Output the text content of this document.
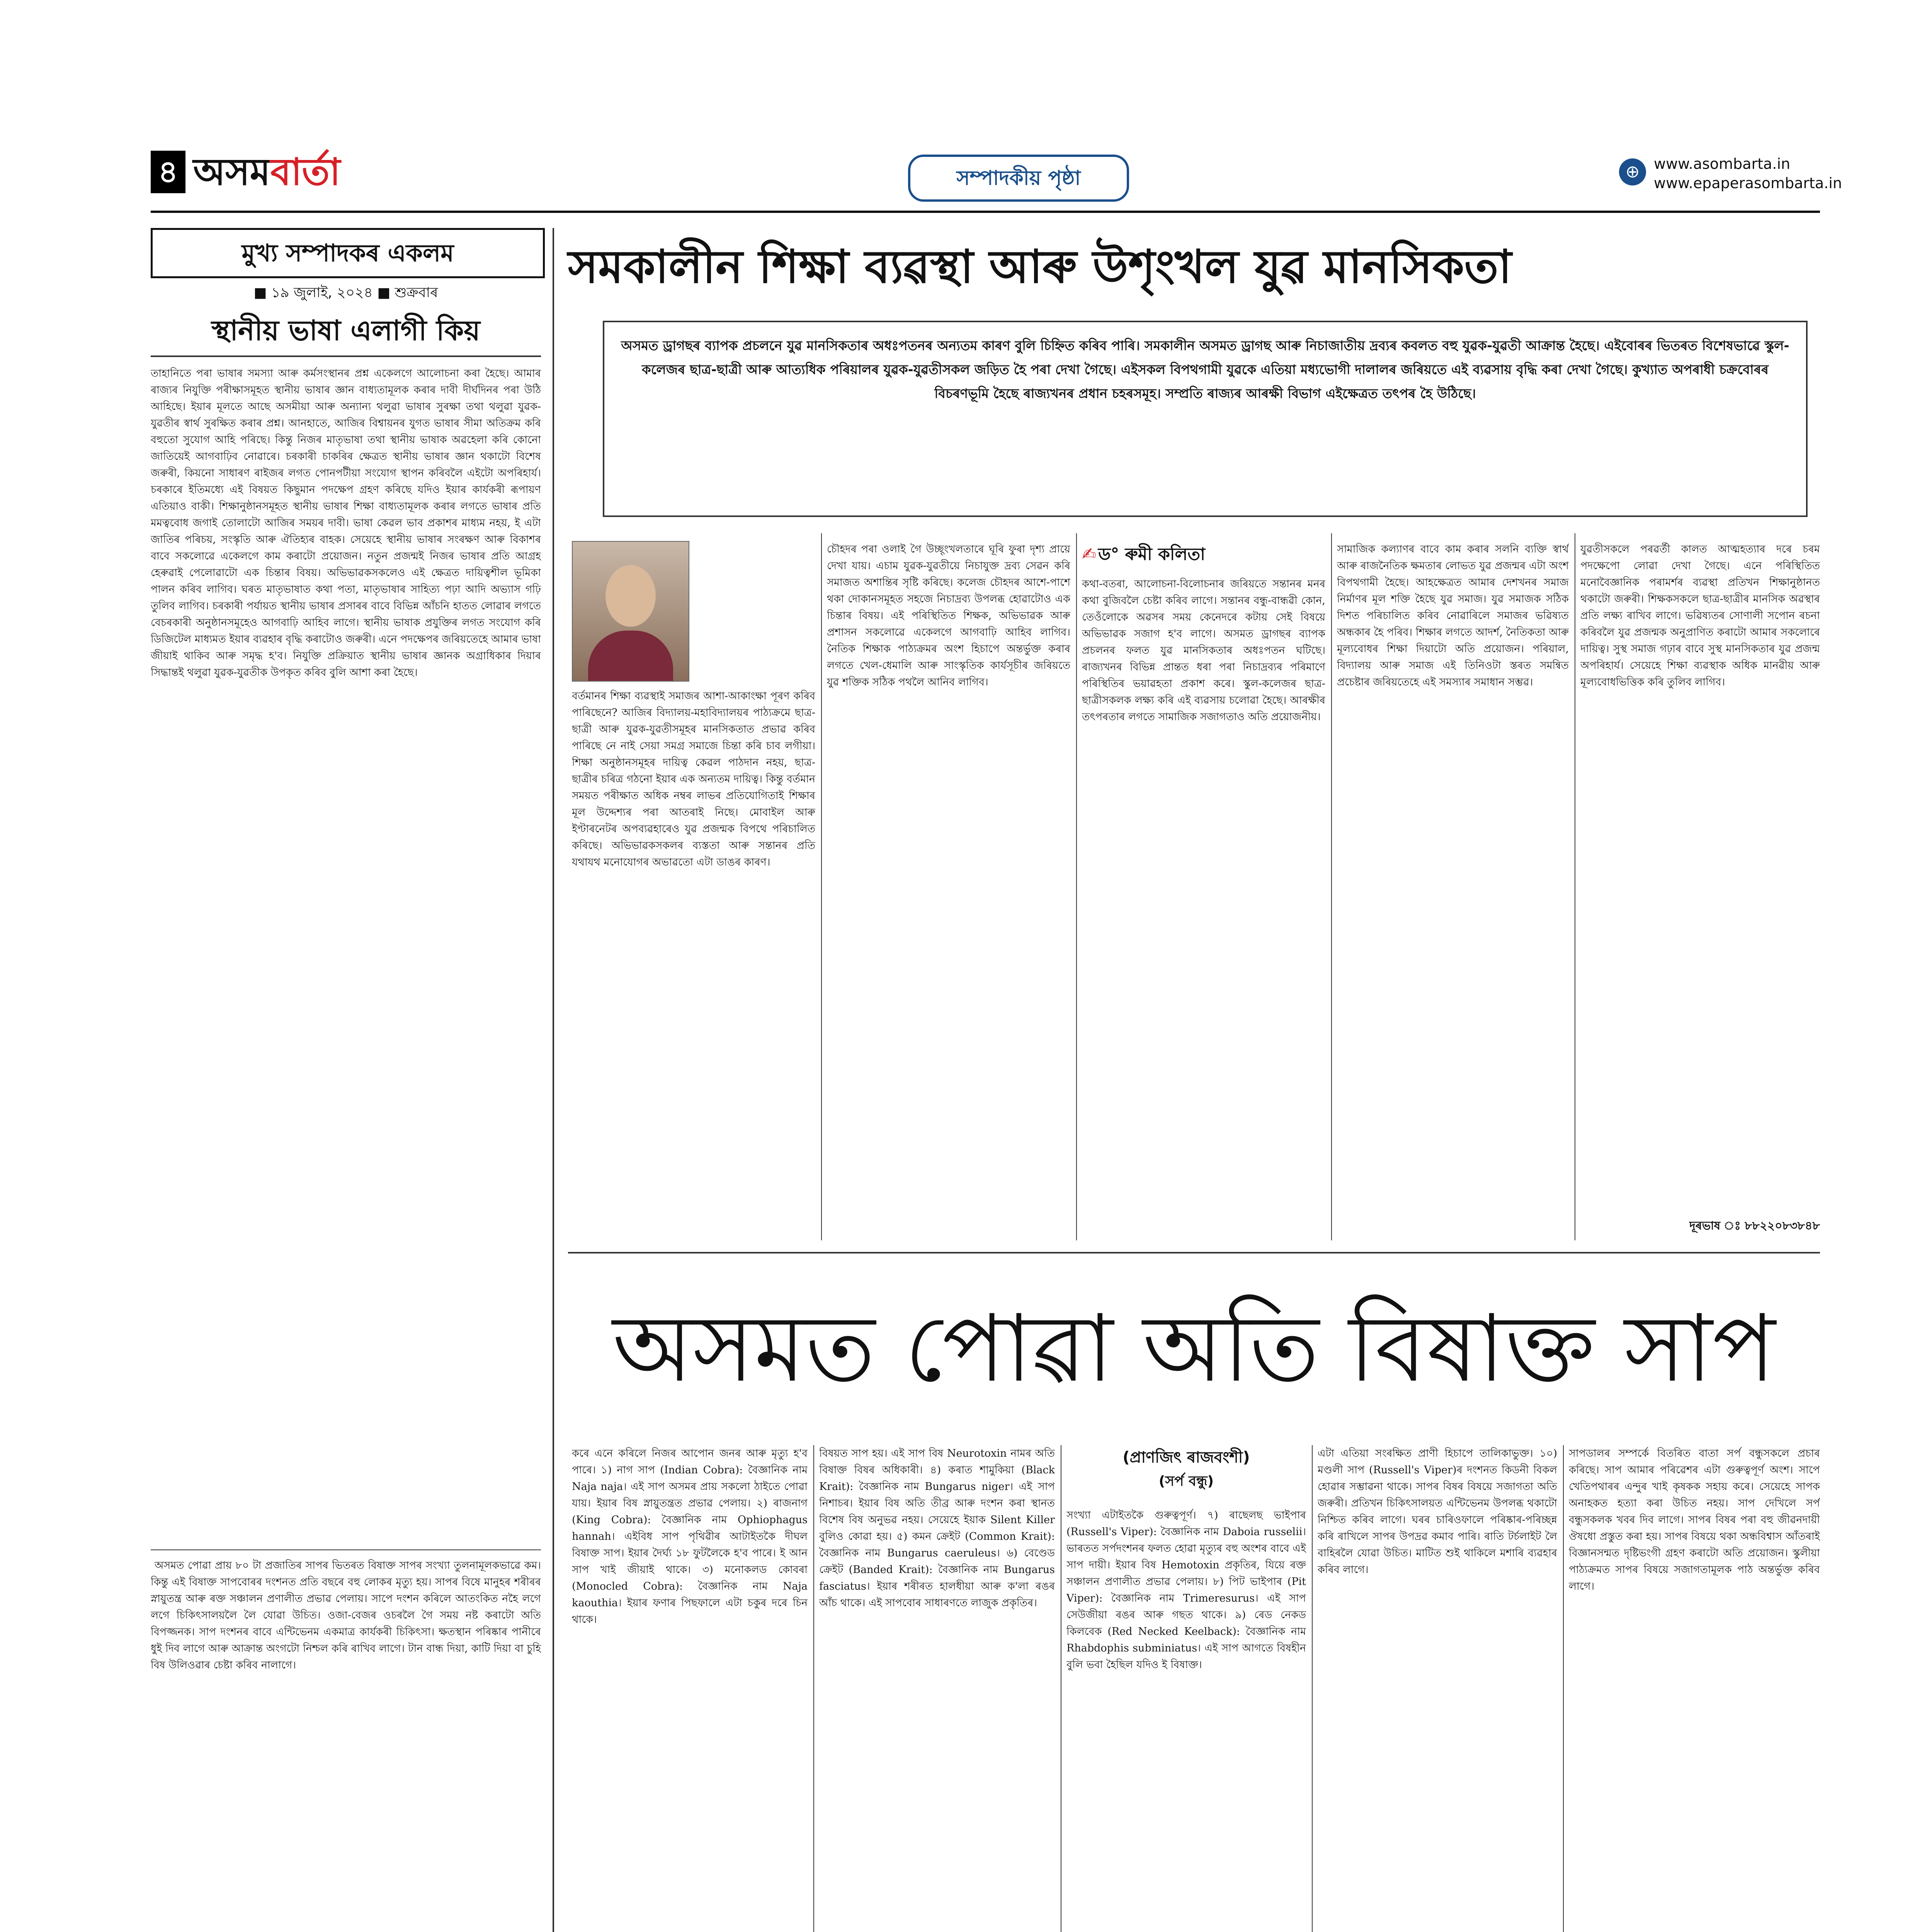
৪ অসমবাৰ্তা	সম্পাদকীয় পৃষ্ঠা	⊕ www.asombarta.in
www.epaperasombarta.in
মুখ্য সম্পাদকৰ একলম
■ ১৯ জুলাই, ২০২৪ ■ শুক্ৰবাৰ
স্থানীয় ভাষা এলাগী কিয়
তাহানিতে পৰা ভাষাৰ সমস্যা আৰু কৰ্মসংস্থানৰ প্ৰশ্ন একেলগে আলোচনা কৰা হৈছে। আমাৰ ৰাজ্যৰ নিযুক্তি পৰীক্ষাসমূহত স্থানীয় ভাষাৰ জ্ঞান বাধ্যতামূলক কৰাৰ দাবী দীৰ্ঘদিনৰ পৰা উঠি আহিছে। ইয়াৰ মূলতে আছে অসমীয়া আৰু অন্যান্য থলুৱা ভাষাৰ সুৰক্ষা তথা থলুৱা যুৱক-যুৱতীৰ স্বাৰ্থ সুৰক্ষিত কৰাৰ প্ৰশ্ন। আনহাতে, আজিৰ বিশ্বায়নৰ যুগত ভাষাৰ সীমা অতিক্ৰম কৰি বহুতো সুযোগ আহি পৰিছে। কিন্তু নিজৰ মাতৃভাষা তথা স্থানীয় ভাষাক অৱহেলা কৰি কোনো জাতিয়েই আগবাঢ়িব নোৱাৰে। চৰকাৰী চাকৰিৰ ক্ষেত্ৰত স্থানীয় ভাষাৰ জ্ঞান থকাটো বিশেষ জৰুৰী, কিয়নো সাধাৰণ ৰাইজৰ লগত পোনপটীয়া সংযোগ স্থাপন কৰিবলৈ এইটো অপৰিহাৰ্য। চৰকাৰে ইতিমধ্যে এই বিষয়ত কিছুমান পদক্ষেপ গ্ৰহণ কৰিছে যদিও ইয়াৰ কাৰ্যকৰী ৰূপায়ণ এতিয়াও বাকী। শিক্ষানুষ্ঠানসমূহত স্থানীয় ভাষাৰ শিক্ষা বাধ্যতামূলক কৰাৰ লগতে ভাষাৰ প্ৰতি মমত্ববোধ জগাই তোলাটো আজিৰ সময়ৰ দাবী। ভাষা কেৱল ভাব প্ৰকাশৰ মাধ্যম নহয়, ই এটা জাতিৰ পৰিচয়, সংস্কৃতি আৰু ঐতিহ্যৰ বাহক। সেয়েহে স্থানীয় ভাষাৰ সংৰক্ষণ আৰু বিকাশৰ বাবে সকলোৱে একেলগে কাম কৰাটো প্ৰয়োজন। নতুন প্ৰজন্মই নিজৰ ভাষাৰ প্ৰতি আগ্ৰহ হেৰুৱাই পেলোৱাটো এক চিন্তাৰ বিষয়। অভিভাৱকসকলেও এই ক্ষেত্ৰত দায়িত্বশীল ভূমিকা পালন কৰিব লাগিব। ঘৰত মাতৃভাষাত কথা পতা, মাতৃভাষাৰ সাহিত্য পঢ়া আদি অভ্যাস গঢ়ি তুলিব লাগিব। চৰকাৰী পৰ্যায়ত স্থানীয় ভাষাৰ প্ৰসাৰৰ বাবে বিভিন্ন আঁচনি হাতত লোৱাৰ লগতে বেচৰকাৰী অনুষ্ঠানসমূহেও আগবাঢ়ি আহিব লাগে। স্থানীয় ভাষাক প্ৰযুক্তিৰ লগত সংযোগ কৰি ডিজিটেল মাধ্যমত ইয়াৰ ব্যৱহাৰ বৃদ্ধি কৰাটোও জৰুৰী। এনে পদক্ষেপৰ জৰিয়তেহে আমাৰ ভাষা জীয়াই থাকিব আৰু সমৃদ্ধ হ'ব। নিযুক্তি প্ৰক্ৰিয়াত স্থানীয় ভাষাৰ জ্ঞানক অগ্ৰাধিকাৰ দিয়াৰ সিদ্ধান্তই থলুৱা যুৱক-যুৱতীক উপকৃত কৰিব বুলি আশা কৰা হৈছে।
সমকালীন শিক্ষা ব্যৱস্থা আৰু উশৃংখল যুৱ মানসিকতা
অসমত ড্ৰাগছৰ ব্যাপক প্ৰচলনে যুৱ মানসিকতাৰ অধঃপতনৰ অন্যতম কাৰণ বুলি চিহ্নিত কৰিব পাৰি। সমকালীন অসমত ড্ৰাগছ আৰু নিচাজাতীয় দ্ৰব্যৰ কবলত বহু যুৱক-যুৱতী আক্ৰান্ত হৈছে। এইবোৰৰ ভিতৰত বিশেষভাৱে স্কুল-কলেজৰ ছাত্ৰ-ছাত্ৰী আৰু আত্যধিক পৰিয়ালৰ যুৱক-যুৱতীসকল জড়িত হৈ পৰা দেখা গৈছে। এইসকল বিপথগামী যুৱকে এতিয়া মধ্যভোগী দালালৰ জৰিয়তে এই ব্যৱসায় বৃদ্ধি কৰা দেখা গৈছে। কুখ্যাত অপৰাধী চক্ৰবোৰৰ বিচৰণভূমি হৈছে ৰাজ্যখনৰ প্ৰধান চহৰসমূহ। সম্প্ৰতি ৰাজ্যৰ আৰক্ষী বিভাগ এইক্ষেত্ৰত তৎপৰ হৈ উঠিছে।
বৰ্তমানৰ শিক্ষা ব্যৱস্থাই সমাজৰ আশা-আকাংক্ষা পূৰণ কৰিব পাৰিছেনে? আজিৰ বিদ্যালয়-মহাবিদ্যালয়ৰ পাঠ্যক্ৰমে ছাত্ৰ-ছাত্ৰী আৰু যুৱক-যুৱতীসমূহৰ মানসিকতাত প্ৰভাৱ কৰিব পাৰিছে নে নাই সেয়া সমগ্ৰ সমাজে চিন্তা কৰি চাব লগীয়া। শিক্ষা অনুষ্ঠানসমূহৰ দায়িত্ব কেৱল পাঠদান নহয়, ছাত্ৰ-ছাত্ৰীৰ চৰিত্ৰ গঠনো ইয়াৰ এক অন্যতম দায়িত্ব। কিন্তু বৰ্তমান সময়ত পৰীক্ষাত অধিক নম্বৰ লাভৰ প্ৰতিযোগিতাই শিক্ষাৰ মূল উদ্দেশ্যৰ পৰা আতৰাই নিছে। মোবাইল আৰু ইণ্টাৰনেটৰ অপব্যৱহাৰেও যুৱ প্ৰজন্মক বিপথে পৰিচালিত কৰিছে। অভিভাৱকসকলৰ ব্যস্ততা আৰু সন্তানৰ প্ৰতি যথাযথ মনোযোগৰ অভাৱতো এটা ডাঙৰ কাৰণ।
চৌহদৰ পৰা ওলাই গৈ উচ্ছৃংখলতাৰে ঘূৰি ফুৰা দৃশ্য প্ৰায়ে দেখা যায়। এচাম যুৱক-যুৱতীয়ে নিচাযুক্ত দ্ৰব্য সেৱন কৰি সমাজত অশান্তিৰ সৃষ্টি কৰিছে। কলেজ চৌহদৰ আশে-পাশে থকা দোকানসমূহত সহজে নিচাদ্ৰব্য উপলব্ধ হোৱাটোও এক চিন্তাৰ বিষয়। এই পৰিস্থিতিত শিক্ষক, অভিভাৱক আৰু প্ৰশাসন সকলোৱে একেলগে আগবাঢ়ি আহিব লাগিব। নৈতিক শিক্ষাক পাঠ্যক্ৰমৰ অংশ হিচাপে অন্তৰ্ভুক্ত কৰাৰ লগতে খেল-ধেমালি আৰু সাংস্কৃতিক কাৰ্যসূচীৰ জৰিয়তে যুৱ শক্তিক সঠিক পথলৈ আনিব লাগিব।
✍ ড° ৰুমী কলিতা
কথা-বতৰা, আলোচনা-বিলোচনাৰ জৰিয়তে সন্তানৰ মনৰ কথা বুজিবলৈ চেষ্টা কৰিব লাগে। সন্তানৰ বন্ধু-বান্ধৱী কোন, তেওঁলোকে অৱসৰ সময় কেনেদৰে কটায় সেই বিষয়ে অভিভাৱক সজাগ হ'ব লাগে। অসমত ড্ৰাগছৰ ব্যাপক প্ৰচলনৰ ফলত যুৱ মানসিকতাৰ অধঃপতন ঘটিছে। ৰাজ্যখনৰ বিভিন্ন প্ৰান্তত ধৰা পৰা নিচাদ্ৰব্যৰ পৰিমাণে পৰিস্থিতিৰ ভয়াৱহতা প্ৰকাশ কৰে। স্কুল-কলেজৰ ছাত্ৰ-ছাত্ৰীসকলক লক্ষ্য কৰি এই ব্যৱসায় চলোৱা হৈছে। আৰক্ষীৰ তৎপৰতাৰ লগতে সামাজিক সজাগতাও অতি প্ৰয়োজনীয়।
সামাজিক কল্যাণৰ বাবে কাম কৰাৰ সলনি ব্যক্তি স্বাৰ্থ আৰু ৰাজনৈতিক ক্ষমতাৰ লোভত যুৱ প্ৰজন্মৰ এটা অংশ বিপথগামী হৈছে। আহক্ষেত্ৰত আমাৰ দেশখনৰ সমাজ নিৰ্মাণৰ মূল শক্তি হৈছে যুৱ সমাজ। যুৱ সমাজক সঠিক দিশত পৰিচালিত কৰিব নোৱাৰিলে সমাজৰ ভৱিষ্যত অন্ধকাৰ হৈ পৰিব। শিক্ষাৰ লগতে আদৰ্শ, নৈতিকতা আৰু মূল্যবোধৰ শিক্ষা দিয়াটো অতি প্ৰয়োজন। পৰিয়াল, বিদ্যালয় আৰু সমাজ এই তিনিওটা স্তৰত সমন্বিত প্ৰচেষ্টাৰ জৰিয়তেহে এই সমস্যাৰ সমাধান সম্ভৱ।
যুৱতীসকলে পৰৱৰ্তী কালত আত্মহত্যাৰ দৰে চৰম পদক্ষেপো লোৱা দেখা গৈছে। এনে পৰিস্থিতিত মনোবৈজ্ঞানিক পৰামৰ্শৰ ব্যৱস্থা প্ৰতিখন শিক্ষানুষ্ঠানত থকাটো জৰুৰী। শিক্ষকসকলে ছাত্ৰ-ছাত্ৰীৰ মানসিক অৱস্থাৰ প্ৰতি লক্ষ্য ৰাখিব লাগে। ভৱিষ্যতৰ সোণালী সপোন ৰচনা কৰিবলৈ যুৱ প্ৰজন্মক অনুপ্ৰাণিত কৰাটো আমাৰ সকলোৰে দায়িত্ব। সুস্থ সমাজ গঢ়াৰ বাবে সুস্থ মানসিকতাৰ যুৱ প্ৰজন্ম অপৰিহাৰ্য। সেয়েহে শিক্ষা ব্যৱস্থাক অধিক মানৱীয় আৰু মূল্যবোধভিত্তিক কৰি তুলিব লাগিব।
দূৰভাষ ঃ ৮৮২২০৮৩৮৪৮
অসমত পোৱা অতি বিষাক্ত সাপ
অসমত পোৱা প্ৰায় ৮০ টা প্ৰজাতিৰ সাপৰ ভিতৰত বিষাক্ত সাপৰ সংখ্যা তুলনামূলকভাৱে কম। কিন্তু এই বিষাক্ত সাপবোৰৰ দংশনত প্ৰতি বছৰে বহু লোকৰ মৃত্যু হয়। সাপৰ বিষে মানুহৰ শৰীৰৰ স্নায়ুতন্ত্ৰ আৰু ৰক্ত সঞ্চালন প্ৰণালীত প্ৰভাৱ পেলায়। সাপে দংশন কৰিলে আতংকিত নহৈ লগে লগে চিকিৎসালয়লৈ লৈ যোৱা উচিত। ওজা-বেজৰ ওচৰলৈ গৈ সময় নষ্ট কৰাটো অতি বিপজ্জনক। সাপ দংশনৰ বাবে এন্টিভেনম একমাত্ৰ কাৰ্যকৰী চিকিৎসা। ক্ষতস্থান পৰিষ্কাৰ পানীৰে ধুই দিব লাগে আৰু আক্ৰান্ত অংগটো নিশ্চল কৰি ৰাখিব লাগে। টান বান্ধ দিয়া, কাটি দিয়া বা চুহি বিষ উলিওৱাৰ চেষ্টা কৰিব নালাগে।
কৰে এনে কৰিলে নিজৰ আপোন জনৰ আৰু মৃত্যু হ'ব পাৰে। ১) নাগ সাপ (Indian Cobra): বৈজ্ঞানিক নাম Naja naja। এই সাপ অসমৰ প্ৰায় সকলো ঠাইতে পোৱা যায়। ইয়াৰ বিষ স্নায়ুতন্ত্ৰত প্ৰভাৱ পেলায়। ২) ৰাজনাগ (King Cobra): বৈজ্ঞানিক নাম Ophiophagus hannah। এইবিধ সাপ পৃথিৱীৰ আটাইতকৈ দীঘল বিষাক্ত সাপ। ইয়াৰ দৈৰ্ঘ্য ১৮ ফুটলৈকে হ'ব পাৰে। ই আন সাপ খাই জীয়াই থাকে। ৩) মনোকলড কোবৰা (Monocled Cobra): বৈজ্ঞানিক নাম Naja kaouthia। ইয়াৰ ফণাৰ পিছফালে এটা চকুৰ দৰে চিন থাকে।
বিষয়ত সাপ হয়। এই সাপ বিষ Neurotoxin নামৰ অতি বিষাক্ত বিষৰ অধিকাৰী। ৪) কৰাত শামুকিয়া (Black Krait): বৈজ্ঞানিক নাম Bungarus niger। এই সাপ নিশাচৰ। ইয়াৰ বিষ অতি তীব্ৰ আৰু দংশন কৰা স্থানত বিশেষ বিষ অনুভৱ নহয়। সেয়েহে ইয়াক Silent Killer বুলিও কোৱা হয়। ৫) কমন ক্ৰেইট (Common Krait): বৈজ্ঞানিক নাম Bungarus caeruleus। ৬) বেণ্ডেড ক্ৰেইট (Banded Krait): বৈজ্ঞানিক নাম Bungarus fasciatus। ইয়াৰ শৰীৰত হালধীয়া আৰু ক'লা ৰঙৰ আঁচ থাকে। এই সাপবোৰ সাধাৰণতে লাজুক প্ৰকৃতিৰ।
(প্ৰাণজিৎ ৰাজবংশী)
(সৰ্প বন্ধু)
সংখ্যা এটাইতকৈ গুৰুত্বপূৰ্ণ। ৭) ৰাছেলছ ভাইপাৰ (Russell's Viper): বৈজ্ঞানিক নাম Daboia russelii। ভাৰতত সৰ্পদংশনৰ ফলত হোৱা মৃত্যুৰ বহু অংশৰ বাবে এই সাপ দায়ী। ইয়াৰ বিষ Hemotoxin প্ৰকৃতিৰ, যিয়ে ৰক্ত সঞ্চালন প্ৰণালীত প্ৰভাৱ পেলায়। ৮) পিট ভাইপাৰ (Pit Viper): বৈজ্ঞানিক নাম Trimeresurus। এই সাপ সেউজীয়া ৰঙৰ আৰু গছত থাকে। ৯) ৰেড নেকড কিলবেক (Red Necked Keelback): বৈজ্ঞানিক নাম Rhabdophis subminiatus। এই সাপ আগতে বিষহীন বুলি ভবা হৈছিল যদিও ই বিষাক্ত।
এটা এতিয়া সংৰক্ষিত প্ৰাণী হিচাপে তালিকাভুক্ত। ১০) মণ্ডলী সাপ (Russell's Viper)ৰ দংশনত কিডনী বিকল হোৱাৰ সম্ভাৱনা থাকে। সাপৰ বিষৰ বিষয়ে সজাগতা অতি জৰুৰী। প্ৰতিখন চিকিৎসালয়ত এন্টিভেনম উপলব্ধ থকাটো নিশ্চিত কৰিব লাগে। ঘৰৰ চাৰিওফালে পৰিষ্কাৰ-পৰিচ্ছন্ন কৰি ৰাখিলে সাপৰ উপদ্ৰৱ কমাব পাৰি। ৰাতি টৰ্চলাইট লৈ বাহিৰলৈ যোৱা উচিত। মাটিত শুই থাকিলে মশাৰি ব্যৱহাৰ কৰিব লাগে।
সাপডালৰ সম্পৰ্কে বিতৰিত বাতা সৰ্প বন্ধুসকলে প্ৰচাৰ কৰিছে। সাপ আমাৰ পৰিৱেশৰ এটা গুৰুত্বপূৰ্ণ অংশ। সাপে খেতিপথাৰৰ এন্দুৰ খাই কৃষকক সহায় কৰে। সেয়েহে সাপক অনাহকত হত্যা কৰা উচিত নহয়। সাপ দেখিলে সৰ্প বন্ধুসকলক খবৰ দিব লাগে। সাপৰ বিষৰ পৰা বহু জীৱনদায়ী ঔষধো প্ৰস্তুত কৰা হয়। সাপৰ বিষয়ে থকা অন্ধবিশ্বাস আঁতৰাই বিজ্ঞানসন্মত দৃষ্টিভংগী গ্ৰহণ কৰাটো অতি প্ৰয়োজন। স্কুলীয়া পাঠ্যক্ৰমত সাপৰ বিষয়ে সজাগতামূলক পাঠ অন্তৰ্ভুক্ত কৰিব লাগে।
